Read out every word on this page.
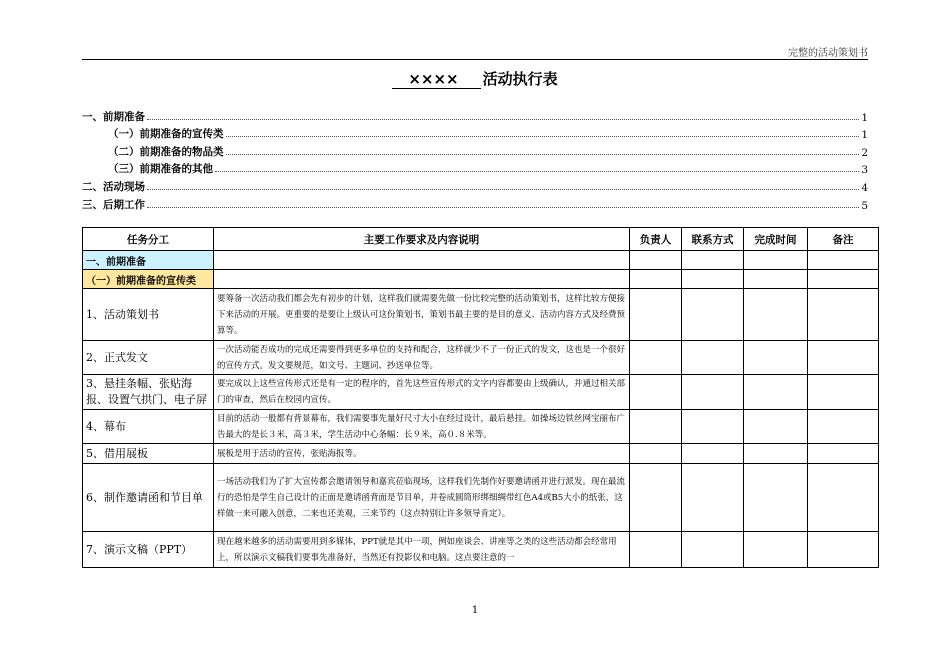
完整的活动策划书
×××× 活动执行表
一、前期准备	1
（一）前期准备的宣传类	1
（二）前期准备的物品类	2
（三）前期准备的其他	3
二、活动现场	4
三、后期工作	5
任务分工	主要工作要求及内容说明	负责人	联系方式	完成时间	备注
一、前期准备					
（一）前期准备的宣传类					
1、活动策划书	要筹备一次活动我们都会先有初步的计划，这样我们就需要先做一份比较完整的活动策划书，这样比较方便接下来活动的开展。更重要的是要让上级认可这份策划书，策划书最主要的是目的意义、活动内容方式及经费预算等。				
2、正式发文	一次活动能否成功的完成还需要得到更多单位的支持和配合，这样就少不了一份正式的发文，这也是一个很好的宣传方式。发文要规范，如文号、主题词、抄送单位等。				
3、悬挂条幅、张贴海报、设置气拱门、电子屏	要完成以上这些宣传形式还是有一定的程序的，首先这些宣传形式的文字内容都要由上级确认，并通过相关部门的审查，然后在校园内宣传。				
4、幕布	目前的活动一般都有背景幕布，我们需要事先量好尺寸大小在经过设计，最后悬挂。如操场边铁丝网宝丽布广告最大的是长３米，高３米，学生活动中心条幅：长９米，高０.８米等。				
5、借用展板	展板是用于活动的宣传，张贴海报等。				
6、制作邀请函和节目单	一场活动我们为了扩大宣传都会邀请领导和嘉宾莅临现场，这样我们先制作好要邀请函并进行派发。现在最流行的恐怕是学生自己设计的正面是邀请函背面是节目单，并卷成圆筒形绑细绸带红色A4或B5大小的纸张，这样做一来可融入创意，二来也还美观，三来节约（这点特别让许多领导肯定）。				
7、演示文稿（PPT）	现在越来越多的活动需要用到多媒体，PPT就是其中一项，例如座谈会、讲座等之类的这些活动都会经常用上，所以演示文稿我们要事先准备好，当然还有投影仪和电脑。这点要注意的一				
1
